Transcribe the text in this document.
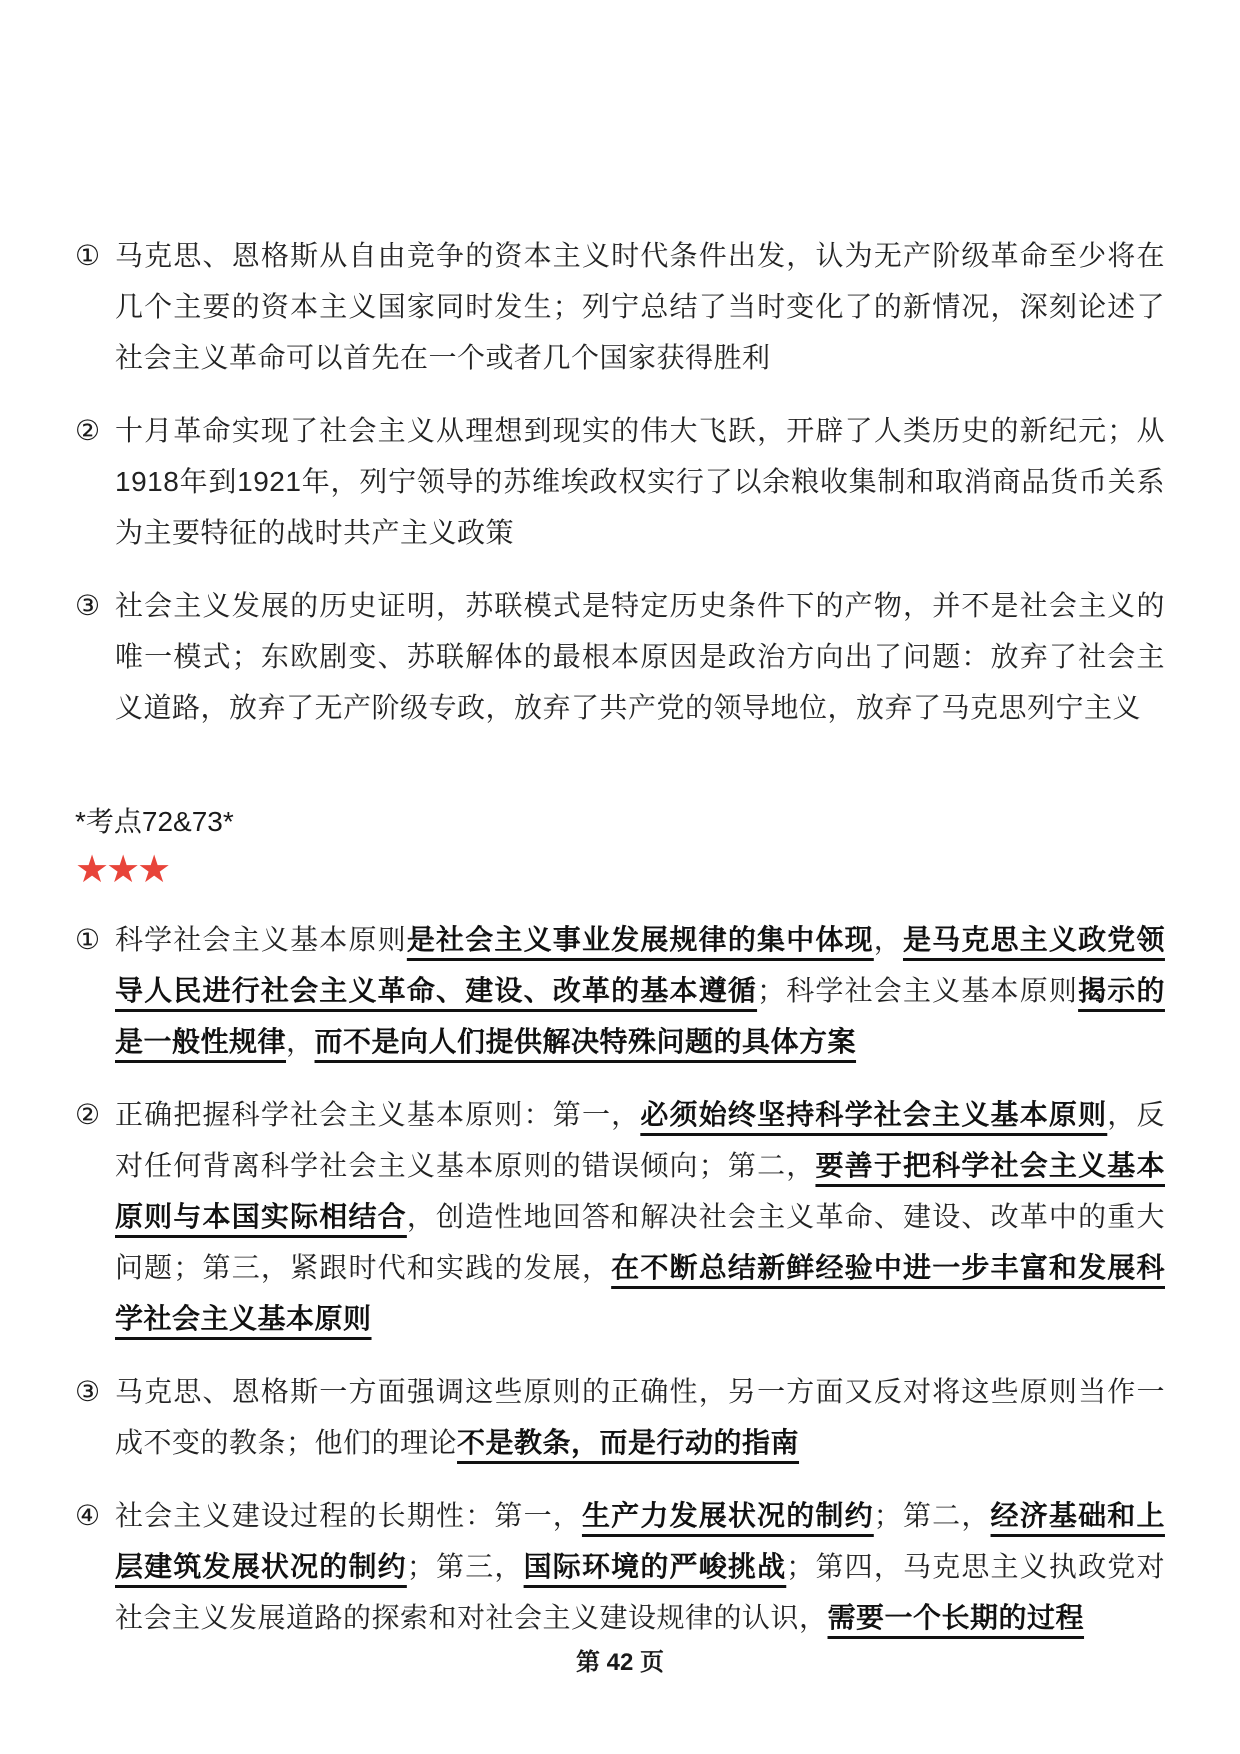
① 马克思、恩格斯从自由竞争的资本主义时代条件出发，认为无产阶级革命至少将在几个主要的资本主义国家同时发生；列宁总结了当时变化了的新情况，深刻论述了社会主义革命可以首先在一个或者几个国家获得胜利
② 十月革命实现了社会主义从理想到现实的伟大飞跃，开辟了人类历史的新纪元；从1918年到1921年，列宁领导的苏维埃政权实行了以余粮收集制和取消商品货币关系为主要特征的战时共产主义政策
③ 社会主义发展的历史证明，苏联模式是特定历史条件下的产物，并不是社会主义的唯一模式；东欧剧变、苏联解体的最根本原因是政治方向出了问题：放弃了社会主义道路，放弃了无产阶级专政，放弃了共产党的领导地位，放弃了马克思列宁主义
*考点72&73*
★★★
① 科学社会主义基本原则是社会主义事业发展规律的集中体现，是马克思主义政党领导人民进行社会主义革命、建设、改革的基本遵循；科学社会主义基本原则揭示的是一般性规律，而不是向人们提供解决特殊问题的具体方案
② 正确把握科学社会主义基本原则：第一，必须始终坚持科学社会主义基本原则，反对任何背离科学社会主义基本原则的错误倾向；第二，要善于把科学社会主义基本原则与本国实际相结合，创造性地回答和解决社会主义革命、建设、改革中的重大问题；第三，紧跟时代和实践的发展，在不断总结新鲜经验中进一步丰富和发展科学社会主义基本原则
③ 马克思、恩格斯一方面强调这些原则的正确性，另一方面又反对将这些原则当作一成不变的教条；他们的理论不是教条，而是行动的指南
④ 社会主义建设过程的长期性：第一，生产力发展状况的制约；第二，经济基础和上层建筑发展状况的制约；第三，国际环境的严峻挑战；第四，马克思主义执政党对社会主义发展道路的探索和对社会主义建设规律的认识，需要一个长期的过程
第 42 页
